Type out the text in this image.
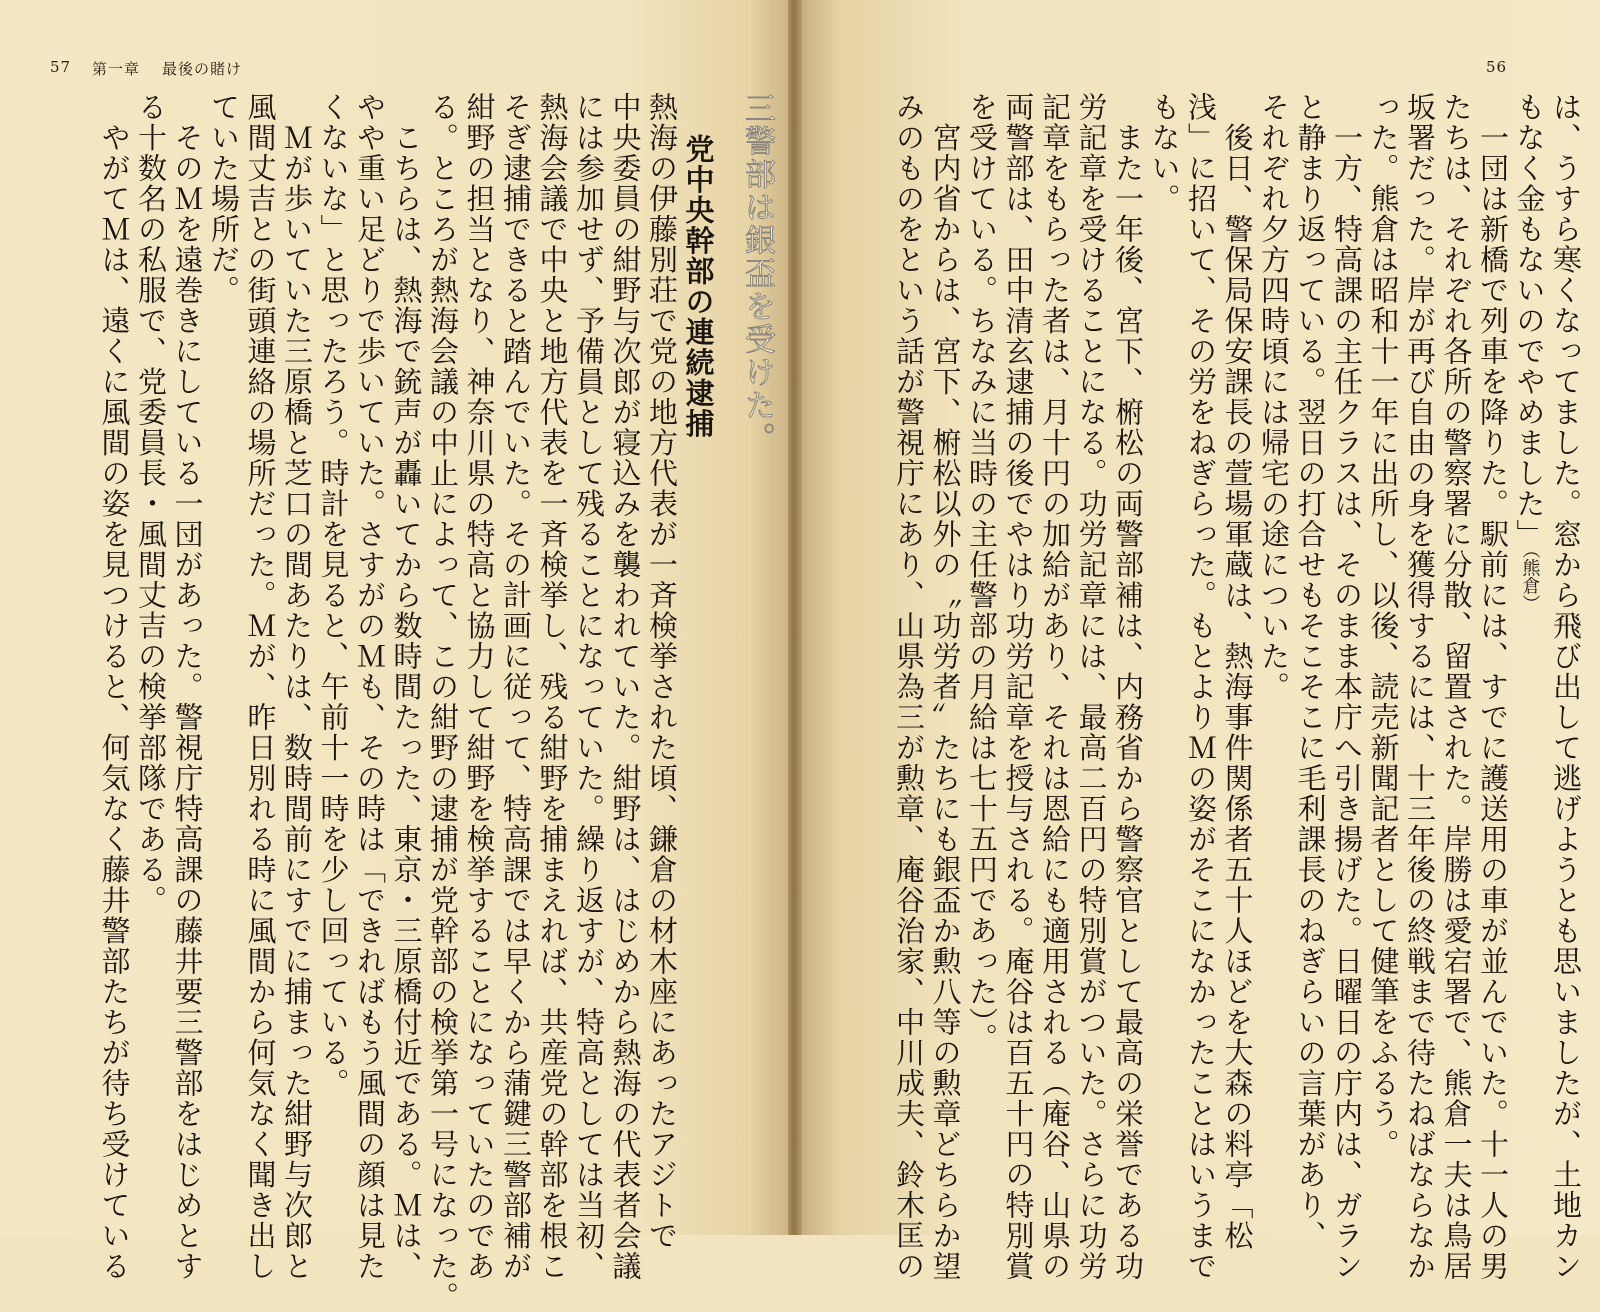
56
は、うすら寒くなってました。窓から飛び出して逃げようとも思いましたが、土地カン
もなく金もないのでやめました」（熊倉）
　一団は新橋で列車を降りた。駅前には、すでに護送用の車が並んでいた。十一人の男
たちは、それぞれ各所の警察署に分散、留置された。岸勝は愛宕署で、熊倉一夫は鳥居
坂署だった。岸が再び自由の身を獲得するには、十三年後の終戦まで待たねばならなか
った。熊倉は昭和十一年に出所し、以後、読売新聞記者として健筆をふるう。
　一方、特高課の主任クラスは、そのまま本庁へ引き揚げた。日曜日の庁内は、ガラン
と静まり返っている。翌日の打合せもそこそこに毛利課長のねぎらいの言葉があり、
それぞれ夕方四時頃には帰宅の途についた。
　後日、警保局保安課長の萱場軍蔵は、熱海事件関係者五十人ほどを大森の料亭「松
浅」に招いて、その労をねぎらった。もとよりＭの姿がそこになかったことはいうまで
もない。
　また一年後、宮下、椨松の両警部補は、内務省から警察官として最高の栄誉である功
労記章を受けることになる。功労記章には、最高二百円の特別賞がついた。さらに功労
記章をもらった者は、月十円の加給があり、それは恩給にも適用される（庵谷、山県の
両警部は、田中清玄逮捕の後でやはり功労記章を授与される。庵谷は百五十円の特別賞
を受けている。ちなみに当時の主任警部の月給は七十五円であった）。
　宮内省からは、宮下、椨松以外の〝功労者〟たちにも銀盃か勲八等の勲章どちらか望
みのものをという話が警視庁にあり、山県為三が勲章、庵谷治家、中川成夫、鈴木匡の
57 第一章 最後の賭け
三警部は銀盃を受けた。
党中央幹部の連続逮捕
熱海の伊藤別荘で党の地方代表が一斉検挙された頃、鎌倉の材木座にあったアジトで
中央委員の紺野与次郎が寝込みを襲われていた。紺野は、はじめから熱海の代表者会議
には参加せず、予備員として残ることになっていた。繰り返すが、特高としては当初、
熱海会議で中央と地方代表を一斉検挙し、残る紺野を捕まえれば、共産党の幹部を根こ
そぎ逮捕できると踏んでいた。その計画に従って、特高課では早くから蒲鍵三警部補が
紺野の担当となり、神奈川県の特高と協力して紺野を検挙することになっていたのであ
る。ところが熱海会議の中止によって、この紺野の逮捕が党幹部の検挙第一号になった。
　こちらは、熱海で銃声が轟いてから数時間たった、東京・三原橋付近である。Ｍは、
やや重い足どりで歩いていた。さすがのＭも、その時は「できればもう風間の顔は見た
くないな」と思ったろう。時計を見ると、午前十一時を少し回っている。
　Ｍが歩いていた三原橋と芝口の間あたりは、数時間前にすでに捕まった紺野与次郎と
風間丈吉との街頭連絡の場所だった。Ｍが、昨日別れる時に風間から何気なく聞き出し
ていた場所だ。
　そのＭを遠巻きにしている一団があった。警視庁特高課の藤井要三警部をはじめとす
る十数名の私服で、党委員長・風間丈吉の検挙部隊である。
　やがてＭは、遠くに風間の姿を見つけると、何気なく藤井警部たちが待ち受けている
